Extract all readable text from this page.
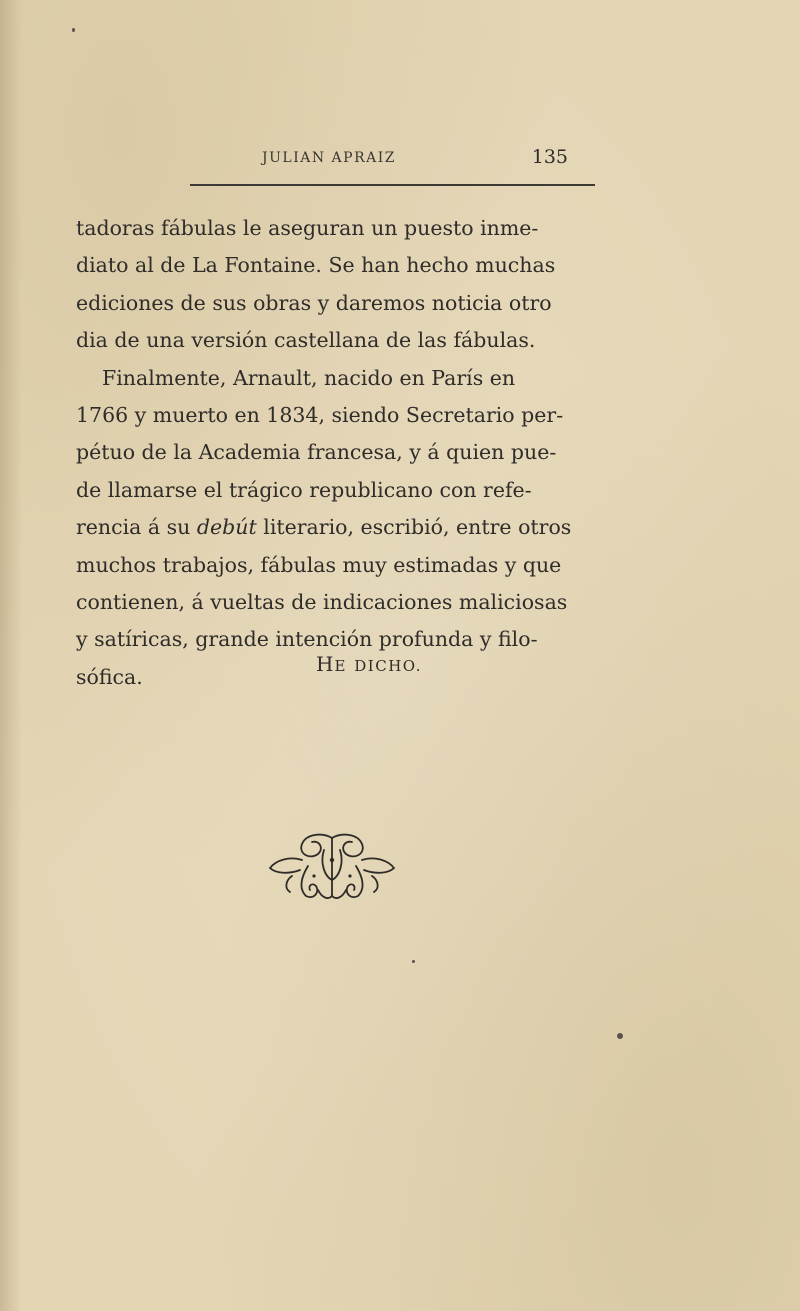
JULIAN APRAIZ	135
tadoras fábulas le aseguran un puesto inme-
diato al de La Fontaine. Se han hecho muchas
ediciones de sus obras y daremos noticia otro
dia de una versión castellana de las fábulas.
Finalmente, Arnault, nacido en París en
1766 y muerto en 1834, siendo Secretario per-
pétuo de la Academia francesa, y á quien pue-
de llamarse el trágico republicano con refe-
rencia á su debút literario, escribió, entre otros
muchos trabajos, fábulas muy estimadas y que
contienen, á vueltas de indicaciones maliciosas
y satíricas, grande intención profunda y filo-
sófica.
HE DICHO.
